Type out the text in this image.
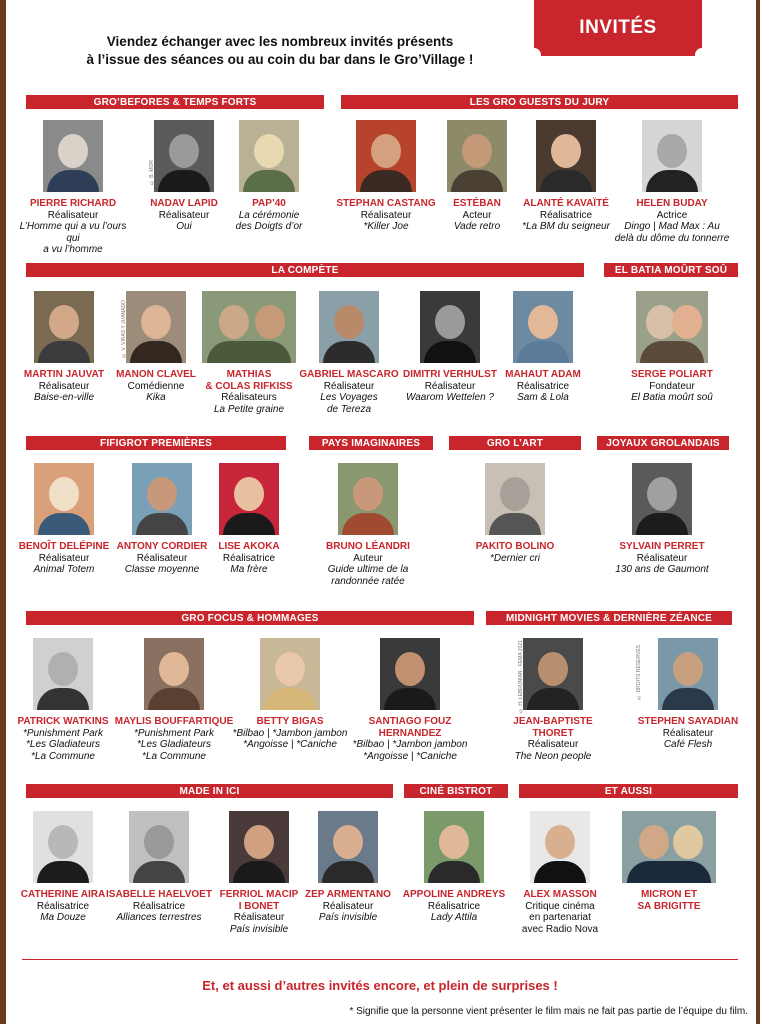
INVITÉS
Viendez échanger avec les nombreux invités présents
à l’issue des séances ou au coin du bar dans le Gro’Village !
GRO’BEFORES & TEMPS FORTS	LES GRO GUESTS DU JURY
LA COMPÈTE	EL BATIA MOÛRT SOÛ
FIFIGROT PREMIÈRES	PAYS IMAGINAIRES	GRO L’ART	JOYAUX GROLANDAIS
GRO FOCUS & HOMMAGES	MIDNIGHT MOVIES & DERNIÈRE ZÉANCE
MADE IN ICI	CINÉ BISTROT	ET AUSSI
PIERRE RICHARD
Réalisateur
L’Homme qui a vu l’ours qui
a vu l’homme
NADAV LAPID
Réalisateur
Oui
© B. MOR
PAP’40
La cérémonie
des Doigts d’or
STEPHAN CASTANG
Réalisateur
*Killer Joe
ESTÉBAN
Acteur
Vade retro
ALANTÉ KAVAÏTÉ
Réalisatrice
*La BM du seigneur
HELEN BUDAY
Actrice
Dingo | Mad Max : Au
delà du dôme du tonnerre
MARTIN JAUVAT
Réalisateur
Baise-en-ville
MANON CLAVEL
Comédienne
Kika
© V. VIRAS Y JUANADO
MATHIAS
& COLAS RIFKISS
Réalisateurs
La Petite graine
GABRIEL MASCARO
Réalisateur
Les Voyages
de Tereza
DIMITRI VERHULST
Réalisateur
Waarom Wettelen ?
MAHAUT ADAM
Réalisatrice
Sam & Lola
SERGE POLIART
Fondateur
El Batia moûrt soû
BENOÎT DELÉPINE
Réalisateur
Animal Totem
ANTONY CORDIER
Réalisateur
Classe moyenne
LISE AKOKA
Réalisatrice
Ma frère
BRUNO LÉANDRI
Auteur
Guide ultime de la
randonnée ratée
PAKITO BOLINO
*Dernier cri
SYLVAIN PERRET
Réalisateur
130 ans de Gaumont
PATRICK WATKINS
*Punishment Park
*Les Gladiateurs
*La Commune
MAYLIS BOUFFARTIQUE
*Punishment Park
*Les Gladiateurs
*La Commune
BETTY BIGAS
*Bilbao | *Jambon jambon
*Angoisse | *Caniche
SANTIAGO FOUZ
HERNANDEZ
*Bilbao | *Jambon jambon
*Angoisse | *Caniche
JEAN-BAPTISTE THORET
Réalisateur
The Neon people
© H. LEBRUNIAN - FEMA 2021
STEPHEN SAYADIAN
Réalisateur
Café Flesh
© DROITS RÉSERVÉS
CATHERINE AIRA
Réalisatrice
Ma Douze
ISABELLE HAELVOET
Réalisatrice
Alliances terrestres
FERRIOL MACIP
I BONET
Réalisateur
País invisible
ZEP ARMENTANO
Réalisateur
País invisible
APPOLINE ANDREYS
Réalisatrice
Lady Attila
ALEX MASSON
Critique cinéma
en partenariat
avec Radio Nova
MICRON ET
SA BRIGITTE
Et, et aussi d’autres invités encore, et plein de surprises !
* Signifie que la personne vient présenter le film mais ne fait pas partie de l’équipe du film.
